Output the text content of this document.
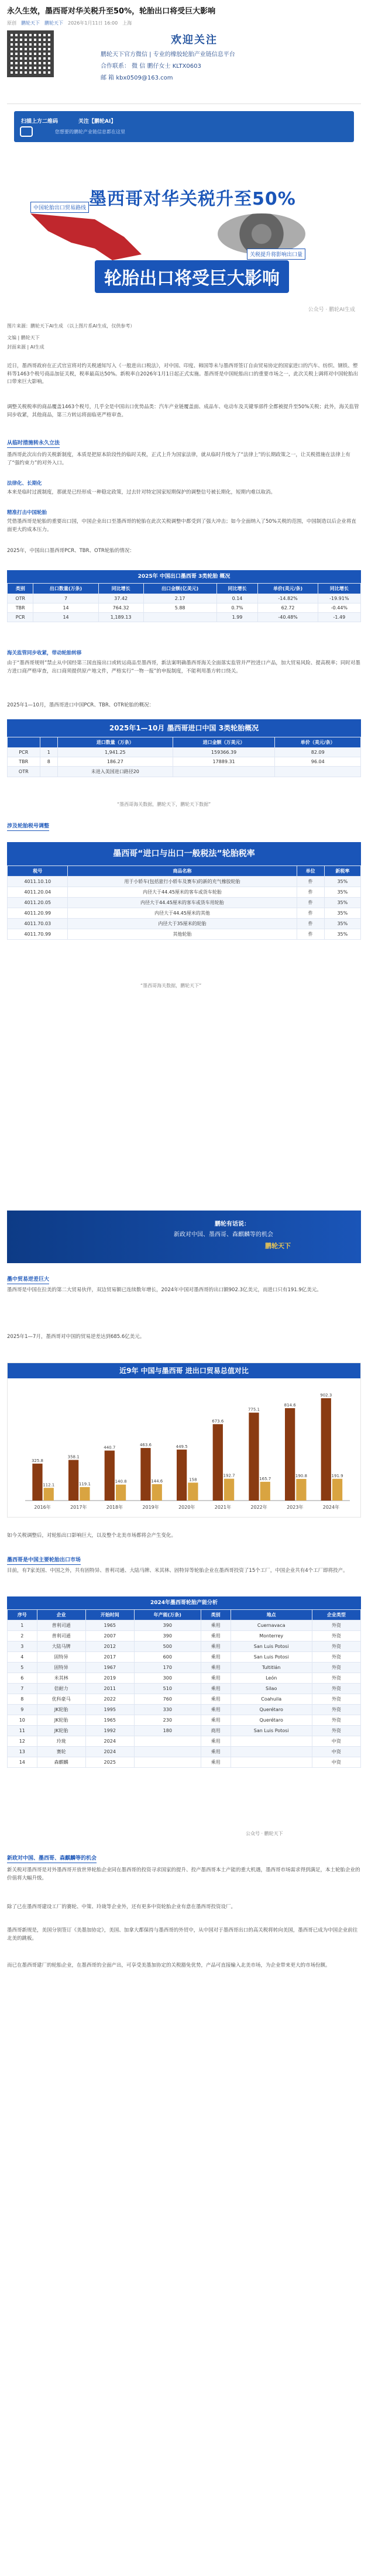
永久生效，墨西哥对华关税升至50%，轮胎出口将受巨大影响
原创 鹏轮天下 鹏轮天下 2026年1月11日 16:00 上海
欢迎关注
鹏轮天下官方微信 | 专业的橡胶轮胎产业链信息平台
合作联系： 微 信 鹏仔女士 KLTX0603
邮 箱 kbx0509@163.com
扫描上方二维码	关注【鹏轮AI】
您想要的鹏轮产业链信息都在这里
墨西哥对华关税升至50%
中国轮胎出口贸易路线
关税提升将影响出口量
轮胎出口将受巨大影响
公众号 · 鹏轮AI生成
图片来源：鹏轮天下AI生成 （以上图片系AI生成，仅供参考）
文编 | 鹏轮天下
封面来源 | AI生成
近日，墨西哥政府在正式官宣将对约关税通知写入《一般进出口税法》，对中国、印度、韩国等未与墨西哥签订自由贸易协定的国家进口的汽车、纺织、钢铁、塑料等1463个税号商品加征关税，税率最高达50%。新税率自2026年1月1日起正式实施。墨西哥是中国轮胎出口的重要市场之一，此次关税上调将对中国轮胎出口带来巨大影响。
调整关税税率的商品覆盖1463个税号，几乎全是中国出口优势品类：汽车产业链覆盖面、成品车、电动车及关键零部件全都被提升至50%关税；此外，海关监管同步收紧，其他商品，第三方转运将面临更严格审查。
从临时措施转永久立法
墨西哥此次出台的关税新制度，本质是把原本阶段性的临时关税，正式上升为国家法律，就从临时升级为了“法律上”的长期政策之一，让关税措施在法律上有了“强约束力”的对外入口。
法律化、长期化
本来是临时过渡制度，那就是已经形成一种稳定政策，过去针对特定国家短期保护的调整信号被长期化，短期内难以取消。
精准打击中国轮胎
凭借墨西哥是轮胎的重要出口国，中国企业出口至墨西哥的轮胎在此次关税调整中都受到了强大冲击；如今全面纳入了50%关税的范围，中国制造以后企业将直面更大的成本压力。
2025年，中国出口墨西哥PCR、TBR、OTR轮胎的情况：
2025年 中国出口墨西哥 3类轮胎 概况
类别	出口数量(万条)	同比增长	出口金额(亿美元)	同比增长	单价(美元/条)	同比增长
OTR	7	37.42	2.17	0.14	-14.82%	-19.91%
TBR	14	764.32	5.88	0.7%	62.72	-0.44%
PCR	14	1,189.13		1.99	-40.48%	-1.49
海关监管同步收紧，带动轮胎转移
由于“墨西哥规则”禁止从中国经第三国直接出口或转运商品至墨西哥，新法案明确墨西哥海关全面落实监管并严控进口产品，加大贸易风险、提高税率；同时对墨方进口商严格审查，出口商须提供原产地文件，严格实行“一物一报”的申报制度，不能利用墨方转口绕关。
2025年1—10月，墨西哥进口中国PCR、TBR、OTR轮胎的概况：
2025年1—10月 墨西哥进口中国 3类轮胎概况
		进口数量（万条）	进口金额（万美元）	单价（美元/条）
PCR	1	1,941.25	159366.39	82.09
TBR	8	186.27	17889.31	96.04
OTR		未进入美国进口路径20		
“墨西哥海关数据，鹏轮天下，鹏轮天下数据”
涉及轮胎税号调整
墨西哥“进口与出口一般税法”轮胎税率
税号	商品名称	单位	新税率
4011.10.10	用于小轿车(包括旅行小轿车及赛车)的新的充气橡胶轮胎	件	35%
4011.20.04	内径大于44.45厘米的客车或货车轮胎	件	35%
4011.20.05	内径大于44.45厘米的客车或货车用轮胎	件	35%
4011.20.99	内径大于44.45厘米的其他	件	35%
4011.70.03	内径大于35厘米的轮胎	件	35%
4011.70.99	其他轮胎	件	35%
“墨西哥海关数据，鹏轮天下”
鹏轮有话说：
新政对中国、墨西哥、森麒麟等的机会
鹏轮天下
墨中贸易逆差巨大
墨西哥是中国在拉美的第二大贸易伙伴，双边贸易额已连续数年增长，2024年中国对墨西哥的出口额902.3亿美元，而进口只有191.9亿美元。
2025年1—7月，墨西哥对中国的贸易逆差达到685.6亿美元。
近9年 中国与墨西哥 进出口贸易总值对比
325.8
112.1
2016年
358.1
119.1
2017年
440.7
140.8
2018年
463.6
144.6
2019年
449.5
158
2020年
673.6
192.7
2021年
775.1
165.7
2022年
814.6
190.8
2023年
902.3
191.9
2024年
如今关税调整后，对轮胎出口影响巨大，以及整个北美市场都将会产生变化。
墨西哥是中国主要轮胎出口市场
目前，有7家美国、中国之外，共有固特异、普利司通、大陆马牌、米其林、固特异等轮胎企业在墨西哥投资了15个工厂，中国企业共有4个工厂即将投产。
2024年墨西哥轮胎产能分析
序号	企业	开始时间	年产能(万条)	类别	地点	企业类型
1	普利司通	1965	390	乘用	Cuernavaca	外资
2	普利司通	2007	390	乘用	Monterrey	外资
3	大陆马牌	2012	500	乘用	San Luis Potosi	外资
4	固特异	2017	600	乘用	San Luis Potosi	外资
5	固特异	1967	170	乘用	Tultitlán	外资
6	米其林	2019	300	乘用	León	外资
7	倍耐力	2011	510	乘用	Silao	外资
8	优科豪马	2022	760	乘用	Coahuila	外资
9	JK轮胎	1995	330	乘用	Querétaro	外资
10	JK轮胎	1965	230	乘用	Querétaro	外资
11	JK轮胎	1992	180	商用	San Luis Potosi	外资
12	玲珑	2024		乘用		中资
13	赛轮	2024		乘用		中资
14	森麒麟	2025		乘用		中资
公众号 · 鹏轮天下
新政对中国、墨西哥、森麒麟等的机会
新关税对墨西哥是对外墨西哥开放世界轮胎企业同在墨西哥的投资寻求国家的提升、投产墨西哥本土产能的重大机遇，墨西哥市场需求得到满足，本土轮胎企业的价值将大幅升级。
除了已在墨西哥建设工厂的赛轮、中策、玲珑等企业外，还有更多中资轮胎企业有意在墨西哥投资设厂。
墨西哥新规是，美国分别签订《美墨加协定》，美国、加拿大都保持与墨西哥的外贸中，从中国对于墨西哥出口的高关税将转向美国，墨西哥已成为中国企业前往北美的跳板。
而已在墨西哥建厂的轮胎企业，在墨西哥的全面产出，可享受美墨加协定的关税豁免优势，产品可直接输入北美市场，为企业带来更大的市场份额。
